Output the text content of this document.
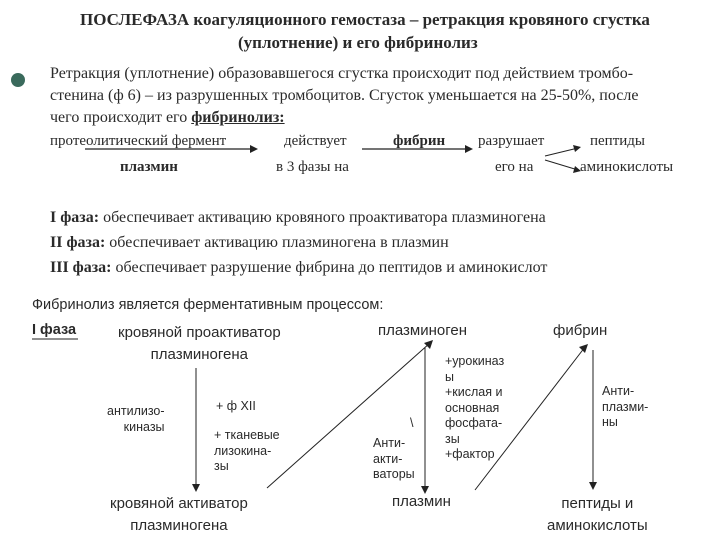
ПОСЛЕФАЗА коагуляционного гемостаза – ретракция кровяного сгустка
(уплотнение) и его фибринолиз
Ретракция (уплотнение) образовавшегося сгустка происходит под действием тромбо-
стенина (ф 6) – из разрушенных тромбоцитов. Сгусток уменьшается на 25-50%, после
чего происходит его фибринолиз:
протеолитический фермент	действует	фибрин разрушает	пептиды
плазмин	в 3 фазы на	его на	аминокислоты
I фаза: обеспечивает активацию кровяного проактиватора плазминогена
II фаза: обеспечивает активацию плазминогена в плазмин
III фаза: обеспечивает разрушение фибрина до пептидов и аминокислот
Фибринолиз является ферментативным процессом:
I фаза	кровяной проактиватор
плазминогена
плазминоген	фибрин
антилизо-
киназы
+ ф XII
+ тканевые
лизокина-
зы
\
Анти-
акти-
ваторы
+урокиназ
ы
+кислая и
основная
фосфата-
зы
+фактор
Анти-
плазми-
ны
кровяной активатор
плазминогена
плазмин	пептиды и
аминокислоты
